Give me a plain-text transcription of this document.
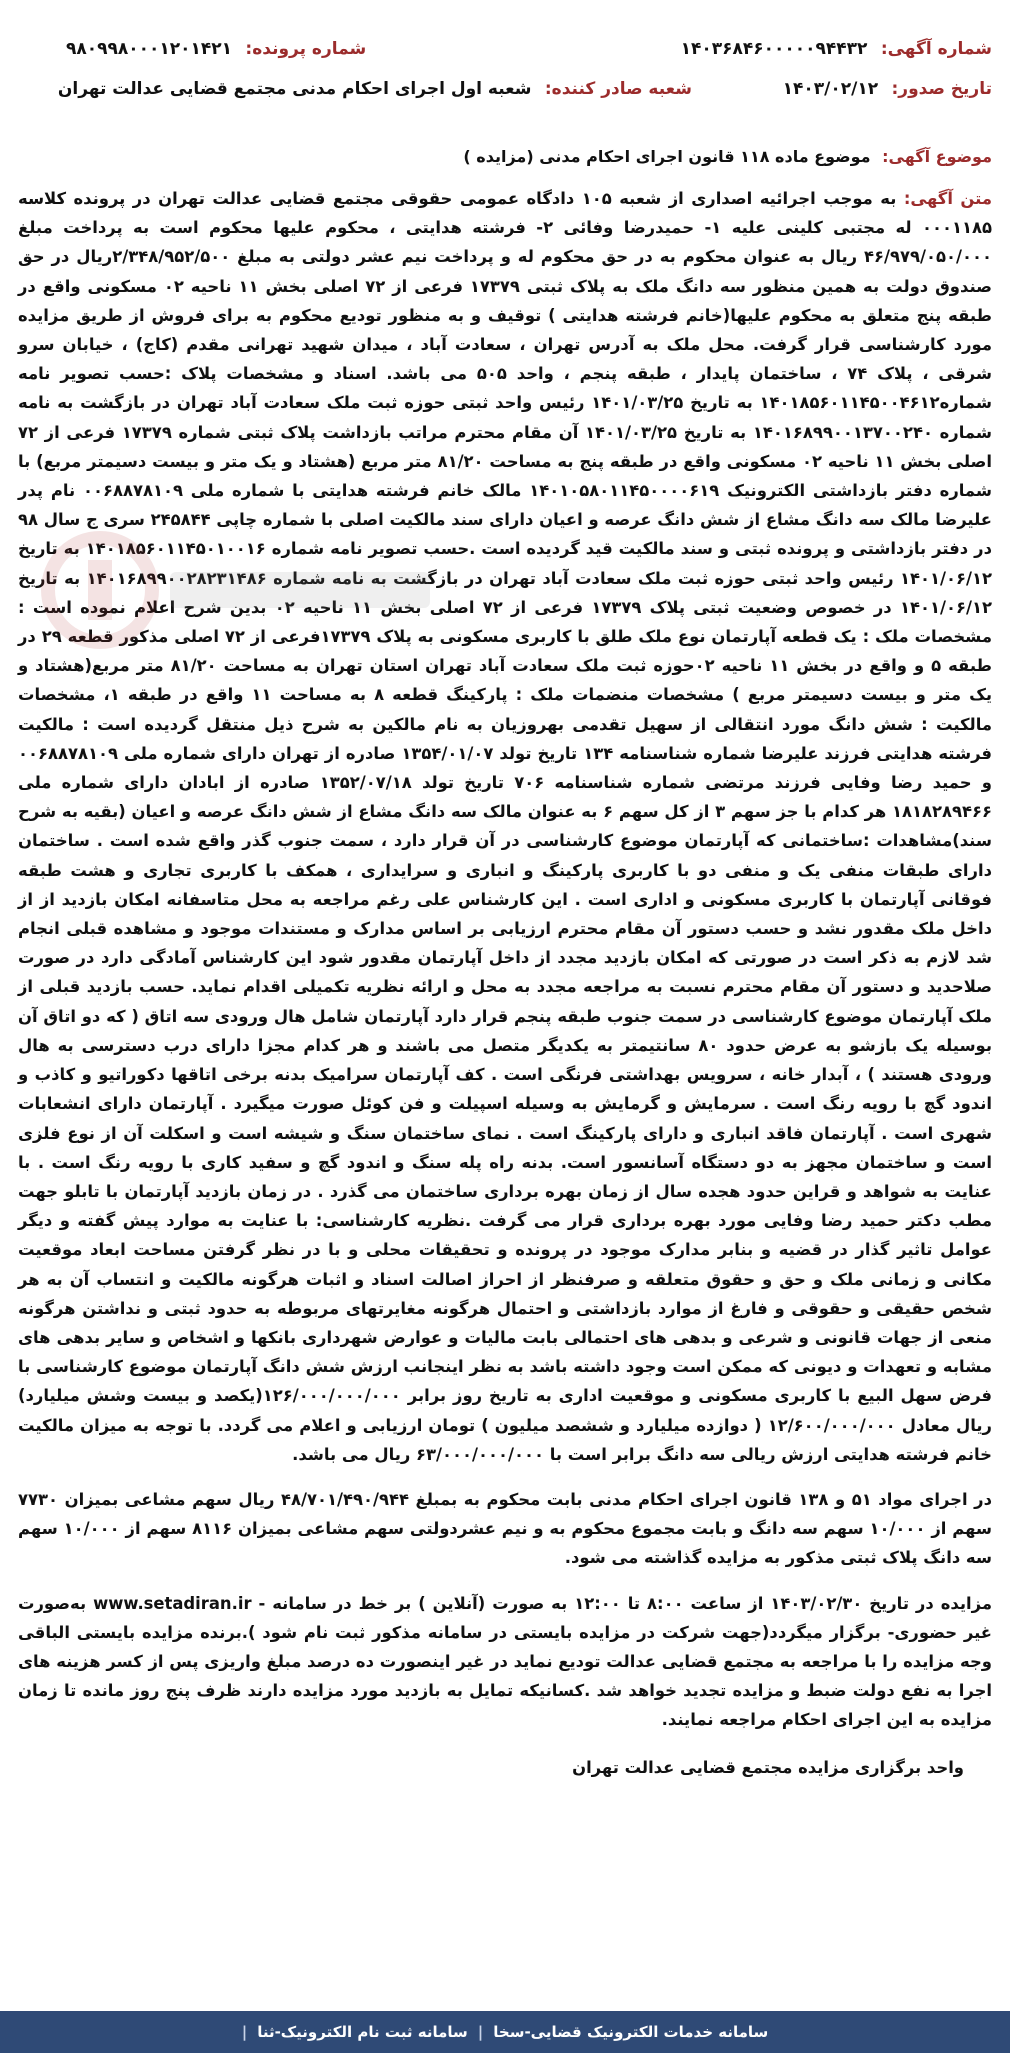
شماره آگهی: ۱۴۰۳۶۸۴۶۰۰۰۰۰۹۴۴۳۲
شماره پرونده: ۹۸۰۹۹۸۰۰۰۱۲۰۱۴۲۱
تاریخ صدور: ۱۴۰۳/۰۲/۱۲
شعبه صادر کننده: شعبه اول اجرای احکام مدنی مجتمع قضایی عدالت تهران
موضوع آگهی: موضوع ماده ۱۱۸ قانون اجرای احکام مدنی (مزایده )
متن آگهی: به موجب اجرائیه اصداری از شعبه ۱۰۵ دادگاه عمومی حقوقی مجتمع قضایی عدالت تهران در پرونده کلاسه ۰۰۰۱۱۸۵ له مجتبی کلینی علیه ۱- حمیدرضا وفائی ۲- فرشته هدایتی ، محکوم علیها محکوم است به پرداخت مبلغ ۴۶/۹۷۹/۰۵۰/۰۰۰ ریال به عنوان محکوم به در حق محکوم له و پرداخت نیم عشر دولتی به مبلغ ۲/۳۴۸/۹۵۲/۵۰۰ریال در حق صندوق دولت به همین منظور سه دانگ ملک به پلاک ثبتی ۱۷۳۷۹ فرعی از ۷۲ اصلی بخش ۱۱ ناحیه ۰۲ مسکونی واقع در طبقه پنج متعلق به محکوم علیها(خانم فرشته هدایتی ) توقیف و به منظور تودیع محکوم به برای فروش از طریق مزایده مورد کارشناسی قرار گرفت. محل ملک به آدرس تهران ، سعادت آباد ، میدان شهید تهرانی مقدم (کاج) ، خیابان سرو شرقی ، پلاک ۷۴ ، ساختمان پایدار ، طبقه پنجم ، واحد ۵۰۵ می باشد. اسناد و مشخصات پلاک :حسب تصویر نامه شماره۱۴۰۱۸۵۶۰۱۱۴۵۰۰۴۶۱۲ به تاریخ ۱۴۰۱/۰۳/۲۵ رئیس واحد ثبتی حوزه ثبت ملک سعادت آباد تهران در بازگشت به نامه شماره ۱۴۰۱۶۸۹۹۰۰۱۳۷۰۰۲۴۰ به تاریخ ۱۴۰۱/۰۳/۲۵ آن مقام محترم مراتب بازداشت پلاک ثبتی شماره ۱۷۳۷۹ فرعی از ۷۲ اصلی بخش ۱۱ ناحیه ۰۲ مسکونی واقع در طبقه پنج به مساحت ۸۱/۲۰ متر مربع (هشتاد و یک متر و بیست دسیمتر مربع) با شماره دفتر بازداشتی الکترونیک ۱۴۰۱۰۵۸۰۱۱۴۵۰۰۰۰۶۱۹ مالک خانم فرشته هدایتی با شماره ملی ۰۰۶۸۸۷۸۱۰۹ نام پدر علیرضا مالک سه دانگ مشاع از شش دانگ عرصه و اعیان دارای سند مالکیت اصلی با شماره چاپی ۲۴۵۸۴۴ سری ج سال ۹۸ در دفتر بازداشتی و پرونده ثبتی و سند مالکیت قید گردیده است .حسب تصویر نامه شماره ۱۴۰۱۸۵۶۰۱۱۴۵۰۱۰۰۱۶ به تاریخ ۱۴۰۱/۰۶/۱۲ رئیس واحد ثبتی حوزه ثبت ملک سعادت آباد تهران در بازگشت به نامه شماره ۱۴۰۱۶۸۹۹۰۰۲۸۲۳۱۴۸۶ به تاریخ ۱۴۰۱/۰۶/۱۲ در خصوص وضعیت ثبتی پلاک ۱۷۳۷۹ فرعی از ۷۲ اصلی بخش ۱۱ ناحیه ۰۲ بدین شرح اعلام نموده است : مشخصات ملک : یک قطعه آپارتمان نوع ملک طلق با کاربری مسکونی به پلاک ۱۷۳۷۹فرعی از ۷۲ اصلی مذکور قطعه ۲۹ در طبقه ۵ و واقع در بخش ۱۱ ناحیه ۰۲حوزه ثبت ملک سعادت آباد تهران استان تهران به مساحت ۸۱/۲۰ متر مربع(هشتاد و یک متر و بیست دسیمتر مربع ) مشخصات منضمات ملک : پارکینگ قطعه ۸ به مساحت ۱۱ واقع در طبقه ۱، مشخصات مالکیت : شش دانگ مورد انتقالی از سهیل تقدمی بهروزیان به نام مالکین به شرح ذیل منتقل گردیده است : مالکیت فرشته هدایتی فرزند علیرضا شماره شناسنامه ۱۳۴ تاریخ تولد ۱۳۵۴/۰۱/۰۷ صادره از تهران دارای شماره ملی ۰۰۶۸۸۷۸۱۰۹ و حمید رضا وفایی فرزند مرتضی شماره شناسنامه ۷۰۶ تاریخ تولد ۱۳۵۲/۰۷/۱۸ صادره از ابادان دارای شماره ملی ۱۸۱۸۲۸۹۴۶۶ هر کدام با جز سهم ۳ از کل سهم ۶ به عنوان مالک سه دانگ مشاع از شش دانگ عرصه و اعیان (بقیه به شرح سند)مشاهدات :ساختمانی که آپارتمان موضوع کارشناسی در آن قرار دارد ، سمت جنوب گذر واقع شده است . ساختمان دارای طبقات منفی یک و منفی دو با کاربری پارکینگ و انباری و سرایداری ، همکف با کاربری تجاری و هشت طبقه فوقانی آپارتمان با کاربری مسکونی و اداری است . این کارشناس علی رغم مراجعه به محل متاسفانه امکان بازدید از از داخل ملک مقدور نشد و حسب دستور آن مقام محترم ارزیابی بر اساس مدارک و مستندات موجود و مشاهده قبلی انجام شد لازم به ذکر است در صورتی که امکان بازدید مجدد از داخل آپارتمان مقدور شود این کارشناس آمادگی دارد در صورت صلاحدید و دستور آن مقام محترم نسبت به مراجعه مجدد به محل و ارائه نظریه تکمیلی اقدام نماید. حسب بازدید قبلی از ملک آپارتمان موضوع کارشناسی در سمت جنوب طبقه پنجم قرار دارد آپارتمان شامل هال ورودی سه اتاق ( که دو اتاق آن بوسیله یک بازشو به عرض حدود ۸۰ سانتیمتر به یکدیگر متصل می باشند و هر کدام مجزا دارای درب دسترسی به هال ورودی هستند ) ، آبدار خانه ، سرویس بهداشتی فرنگی است . کف آپارتمان سرامیک بدنه برخی اتاقها دکوراتیو و کاذب و اندود گچ با رویه رنگ است . سرمایش و گرمایش به وسیله اسپیلت و فن کوئل صورت میگیرد . آپارتمان دارای انشعابات شهری است . آپارتمان فاقد انباری و دارای پارکینگ است . نمای ساختمان سنگ و شیشه است و اسکلت آن از نوع فلزی است و ساختمان مجهز به دو دستگاه آسانسور است. بدنه راه پله سنگ و اندود گچ و سفید کاری با رویه رنگ است . با عنایت به شواهد و قراین حدود هجده سال از زمان بهره برداری ساختمان می گذرد . در زمان بازدید آپارتمان با تابلو جهت مطب دکتر حمید رضا وفایی مورد بهره برداری قرار می گرفت .نظریه کارشناسی: با عنایت به موارد پیش گفته و دیگر عوامل تاثیر گذار در قضیه و بنابر مدارک موجود در پرونده و تحقیقات محلی و با در نظر گرفتن مساحت ابعاد موقعیت مکانی و زمانی ملک و حق و حقوق متعلقه و صرفنظر از احراز اصالت اسناد و اثبات هرگونه مالکیت و انتساب آن به هر شخص حقیقی و حقوقی و فارغ از موارد بازداشتی و احتمال هرگونه مغایرتهای مربوطه به حدود ثبتی و نداشتن هرگونه منعی از جهات قانونی و شرعی و بدهی های احتمالی بابت مالیات و عوارض شهرداری بانکها و اشخاص و سایر بدهی های مشابه و تعهدات و دیونی که ممکن است وجود داشته باشد به نظر اینجانب ارزش شش دانگ آپارتمان موضوع کارشناسی با فرض سهل البیع با کاربری مسکونی و موقعیت اداری به تاریخ روز برابر ۱۲۶/۰۰۰/۰۰۰/۰۰۰(یکصد و بیست وشش میلیارد) ریال معادل ۱۲/۶۰۰/۰۰۰/۰۰۰ ( دوازده میلیارد و ششصد میلیون ) تومان ارزیابی و اعلام می گردد. با توجه به میزان مالکیت خانم فرشته هدایتی ارزش ریالی سه دانگ برابر است با ۶۳/۰۰۰/۰۰۰/۰۰۰ ریال می باشد.
در اجرای مواد ۵۱ و ۱۳۸ قانون اجرای احکام مدنی بابت محکوم به بمبلغ ۴۸/۷۰۱/۴۹۰/۹۴۴ ریال سهم مشاعی بمیزان ۷۷۳۰ سهم از ۱۰/۰۰۰ سهم سه دانگ و بابت مجموع محکوم به و نیم عشردولتی سهم مشاعی بمیزان ۸۱۱۶ سهم از ۱۰/۰۰۰ سهم سه دانگ پلاک ثبتی مذکور به مزایده گذاشته می شود.
مزایده در تاریخ ۱۴۰۳/۰۲/۳۰ از ساعت ۸:۰۰ تا ۱۲:۰۰ به صورت (آنلاین ) بر خط در سامانه - www.setadiran.ir به‌صورت غیر حضوری- برگزار میگردد(جهت شرکت در مزایده بایستی در سامانه مذکور ثبت نام شود ).برنده مزایده بایستی الباقی وجه مزایده را با مراجعه به مجتمع قضایی عدالت تودیع نماید در غیر اینصورت ده درصد مبلغ واریزی پس از کسر هزینه های اجرا به نفع دولت ضبط و مزایده تجدید خواهد شد .کسانیکه تمایل به بازدید مورد مزایده دارند ظرف پنج روز مانده تا زمان مزایده به این اجرای احکام مراجعه نمایند.
واحد برگزاری مزایده مجتمع قضایی عدالت تهران
سامانه خدمات الکترونیک قضایی-سخا
|
سامانه ثبت نام الکترونیک-ثنا
|
